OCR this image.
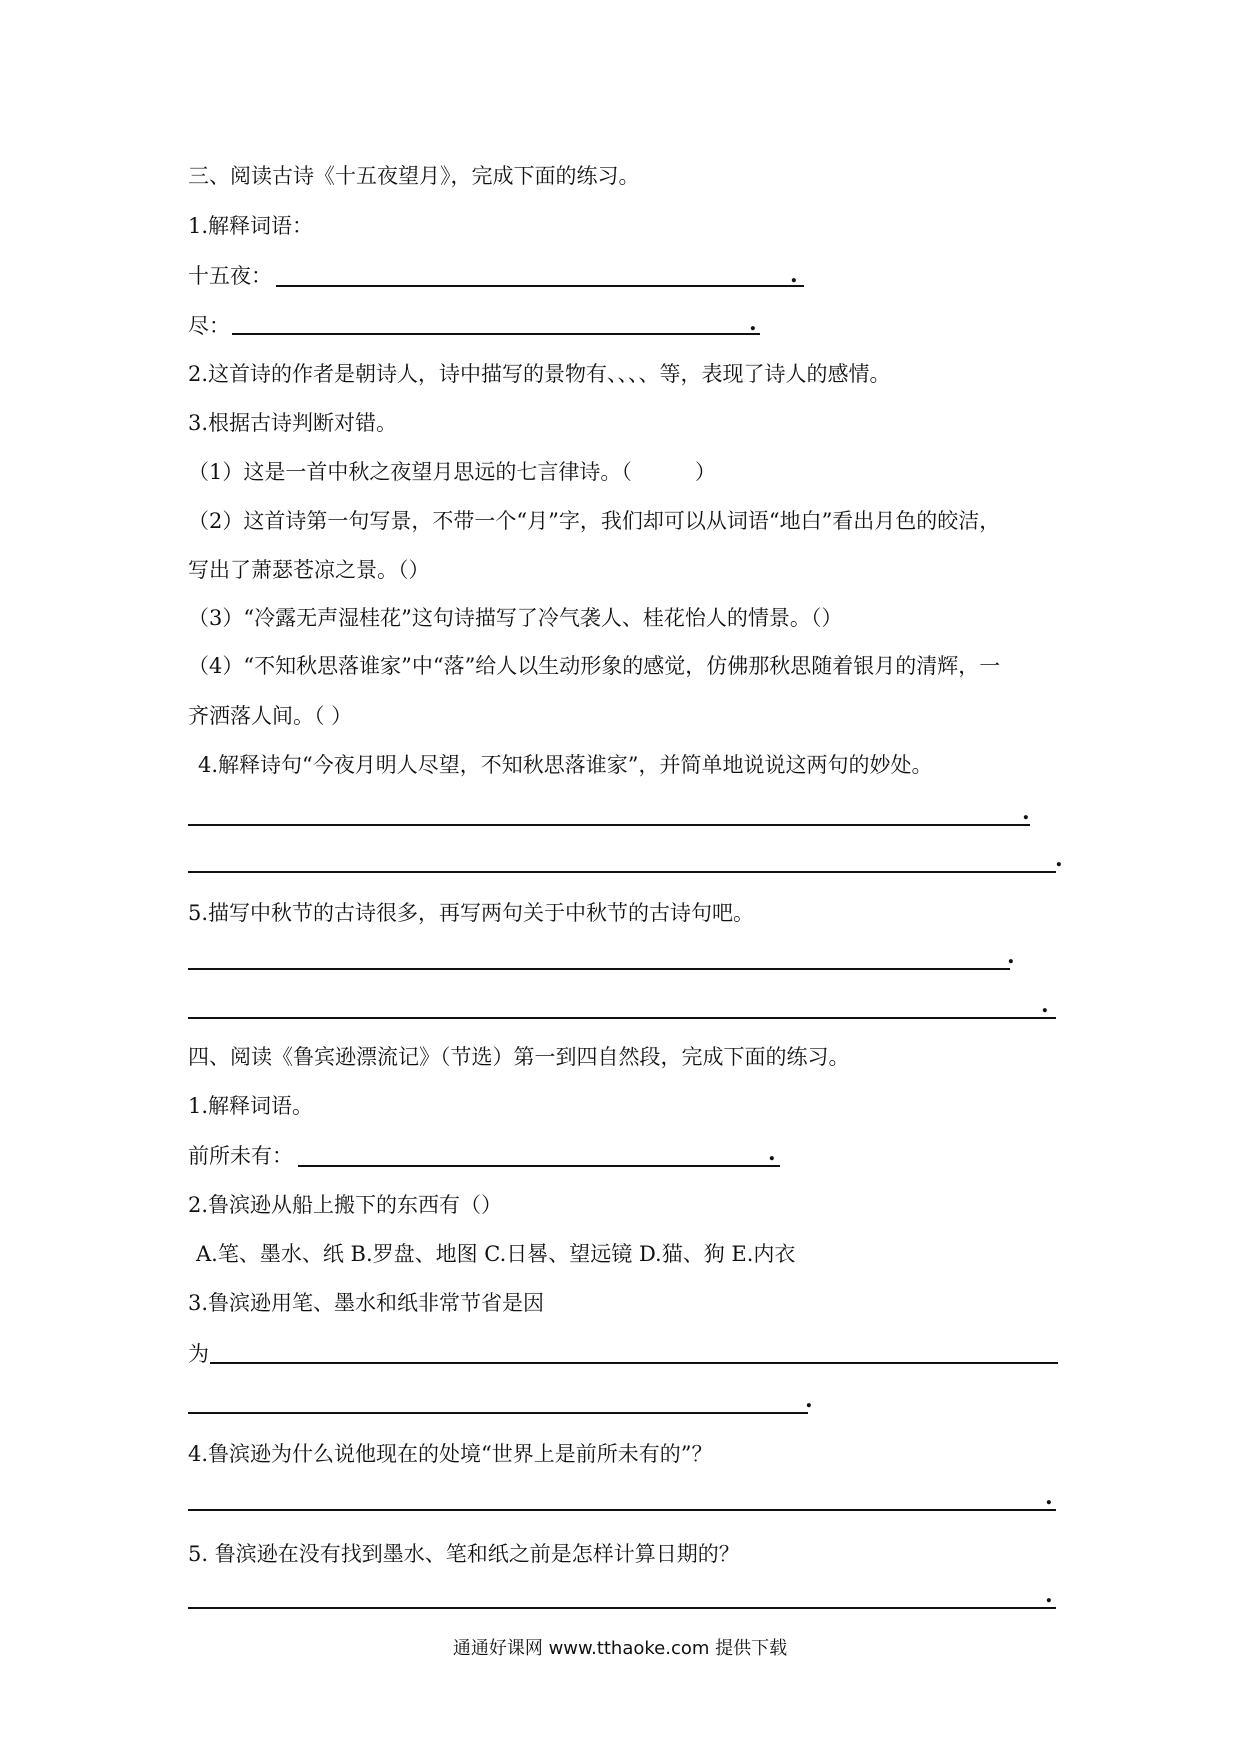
三、阅读古诗《十五夜望月》，完成下面的练习。
1.解释词语：
十五夜：	.
尽：	.
2.这首诗的作者是朝诗人，诗中描写的景物有、、、、等，表现了诗人的感情。
3.根据古诗判断对错。
（1）这是一首中秋之夜望月思远的七言律诗。（　　　）
（2）这首诗第一句写景，不带一个“月”字，我们却可以从词语“地白”看出月色的皎洁，
写出了萧瑟苍凉之景。（）
（3）“冷露无声湿桂花”这句诗描写了冷气袭人、桂花怡人的情景。（）
（4）“不知秋思落谁家”中“落”给人以生动形象的感觉，仿佛那秋思随着银月的清辉，一
齐洒落人间。（ ）
4.解释诗句“今夜月明人尽望，不知秋思落谁家”，并简单地说说这两句的妙处。
.
.
5.描写中秋节的古诗很多，再写两句关于中秋节的古诗句吧。
.
.
四、阅读《鲁宾逊漂流记》（节选）第一到四自然段，完成下面的练习。
1.解释词语。
前所未有：	.
2.鲁滨逊从船上搬下的东西有（）
A.笔、墨水、纸 B.罗盘、地图 C.日晷、望远镜 D.猫、狗 E.内衣
3.鲁滨逊用笔、墨水和纸非常节省是因
为
.
4.鲁滨逊为什么说他现在的处境“世界上是前所未有的”？
.
5. 鲁滨逊在没有找到墨水、笔和纸之前是怎样计算日期的？
.
通通好课网 www.tthaoke.com 提供下载
